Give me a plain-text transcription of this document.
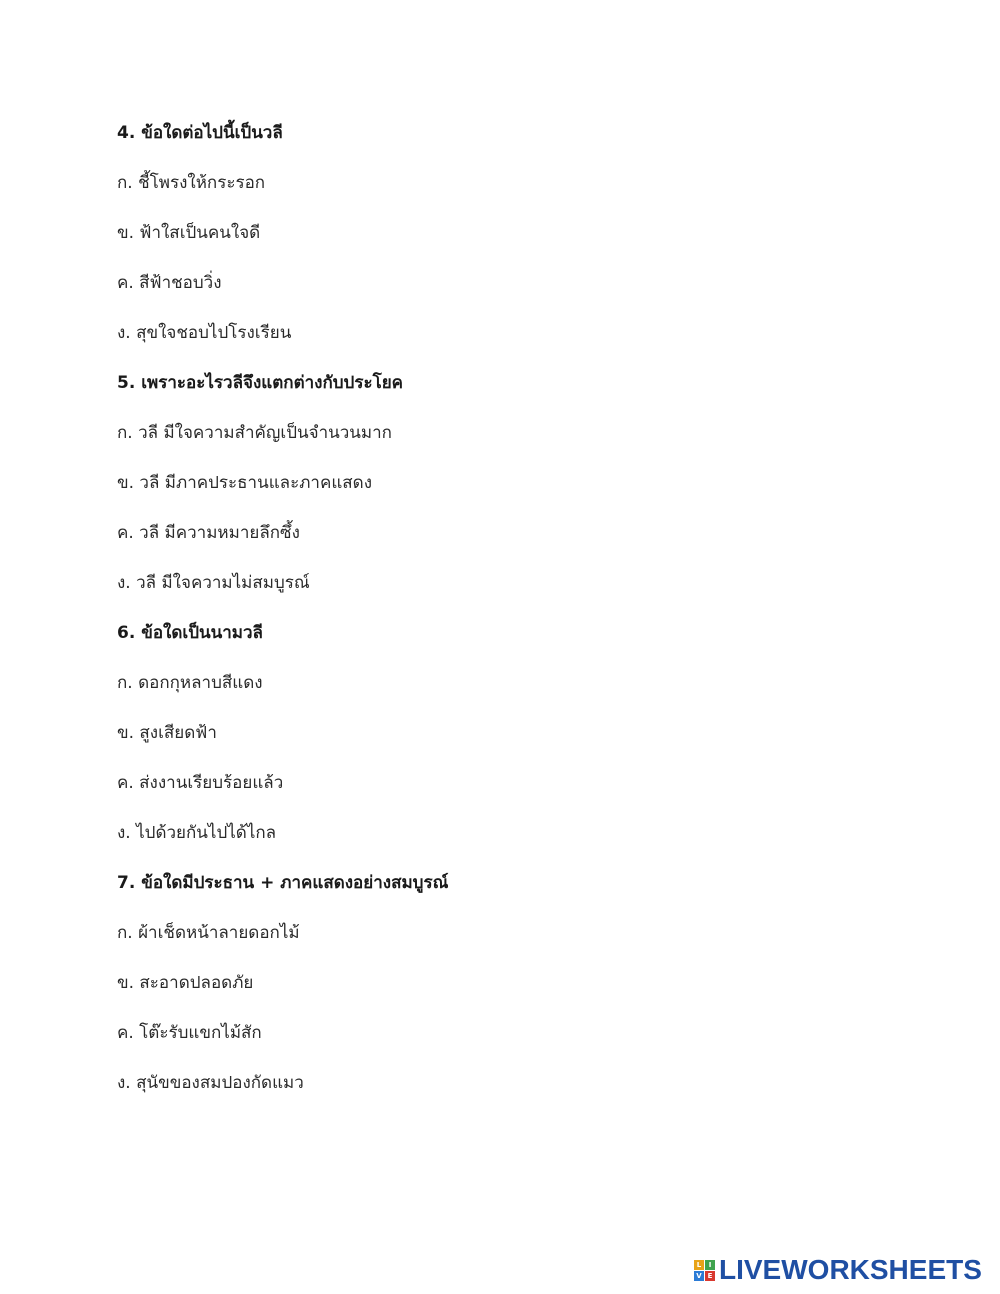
4. ข้อใดต่อไปนี้เป็นวลี
ก. ชี้โพรงให้กระรอก
ข. ฟ้าใสเป็นคนใจดี
ค. สีฟ้าชอบวิ่ง
ง. สุขใจชอบไปโรงเรียน
5. เพราะอะไรวลีจึงแตกต่างกับประโยค
ก. วลี มีใจความสำคัญเป็นจำนวนมาก
ข. วลี มีภาคประธานและภาคแสดง
ค. วลี มีความหมายลึกซึ้ง
ง. วลี มีใจความไม่สมบูรณ์
6. ข้อใดเป็นนามวลี
ก. ดอกกุหลาบสีแดง
ข. สูงเสียดฟ้า
ค. ส่งงานเรียบร้อยแล้ว
ง. ไปด้วยกันไปได้ไกล
7. ข้อใดมีประธาน + ภาคแสดงอย่างสมบูรณ์
ก. ผ้าเช็ดหน้าลายดอกไม้
ข. สะอาดปลอดภัย
ค. โต๊ะรับแขกไม้สัก
ง. สุนัขของสมปองกัดแมว
L	I
V E LIVEWORKSHEETS
